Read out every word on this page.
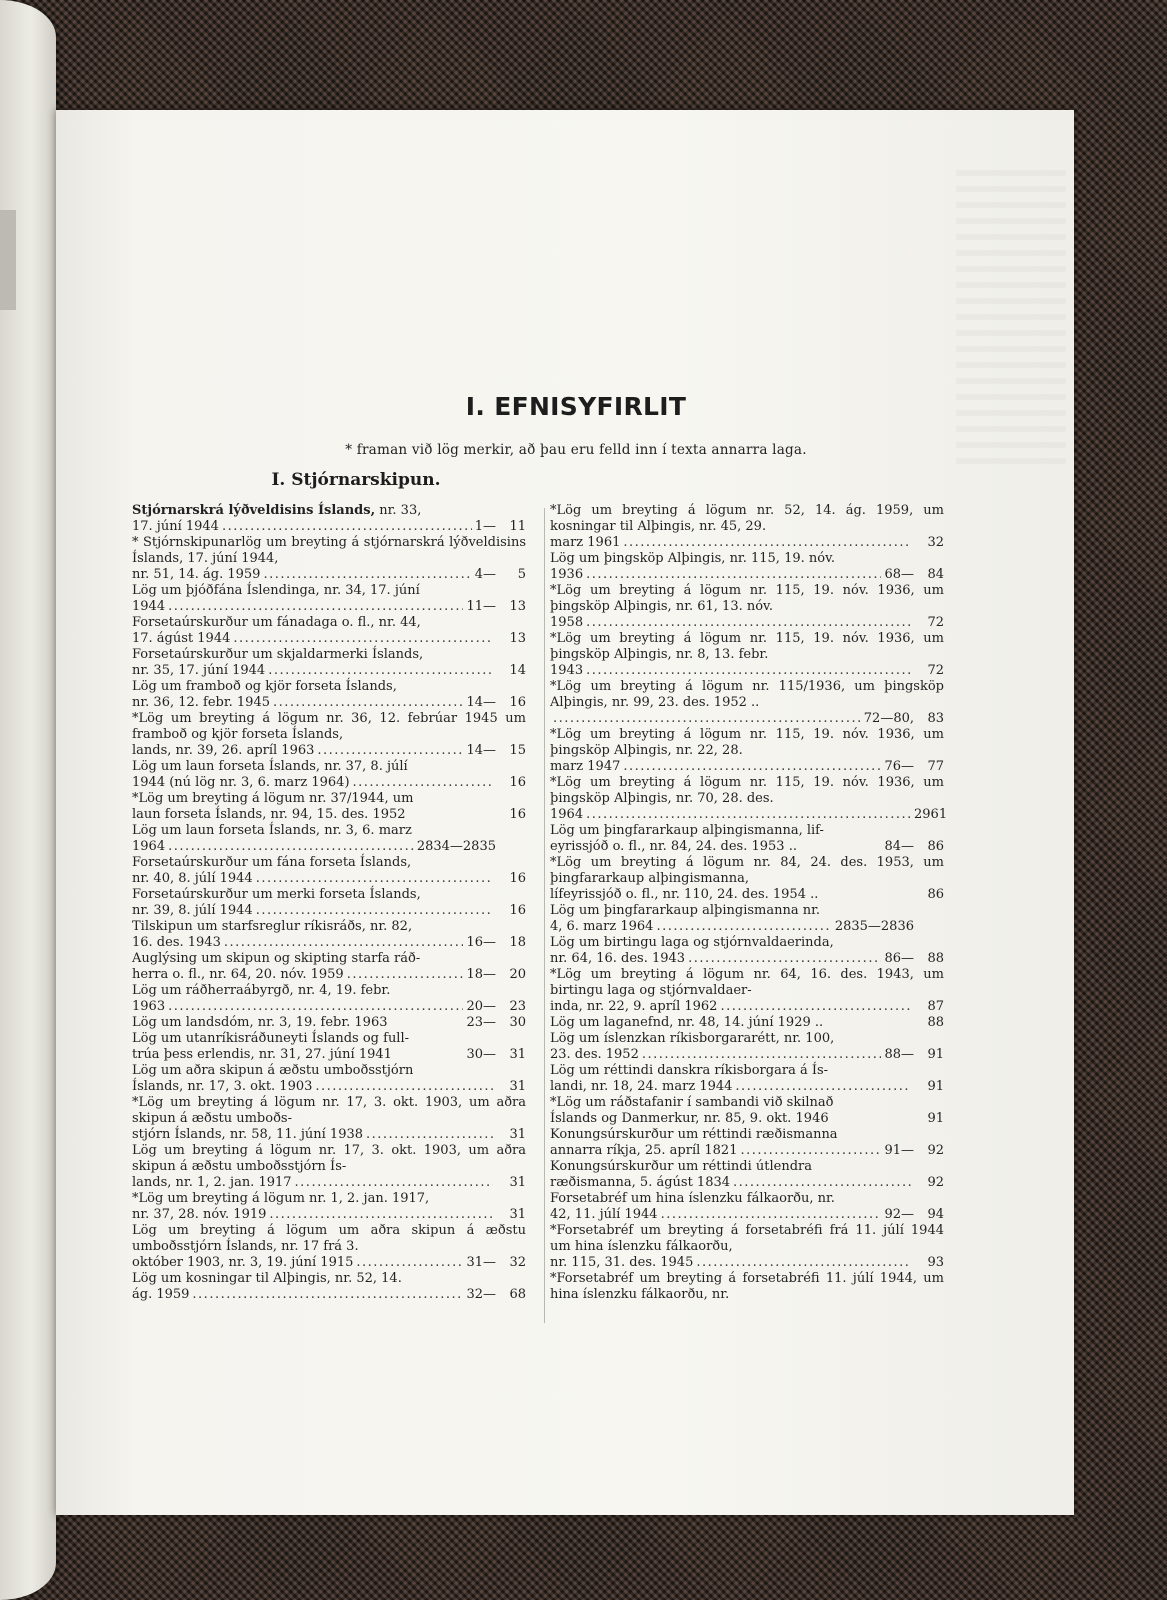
I. EFNISYFIRLIT
* framan við lög merkir, að þau eru felld inn í texta annarra laga.
I. Stjórnarskipun.
Stjórnarskrá lýðveldisins Íslands, nr. 33,
17. júní 1944 .....	1—	11
* Stjórnskipunarlög um breyting á stjórnarskrá lýðveldisins Íslands, 17. júní 1944,
nr. 51, 14. ág. 1959 .....	4—	5
Lög um þjóðfána Íslendinga, nr. 34, 17. júní
1944 .....	11—	13
Forsetaúrskurður um fánadaga o. fl., nr. 44,
17. ágúst 1944 .....	13
Forsetaúrskurður um skjaldarmerki Íslands,
nr. 35, 17. júní 1944 .....	14
Lög um framboð og kjör forseta Íslands,
nr. 36, 12. febr. 1945 .....	14—	16
*Lög um breyting á lögum nr. 36, 12. febrúar 1945 um framboð og kjör forseta Íslands,
lands, nr. 39, 26. apríl 1963 .....	14—	15
Lög um laun forseta Íslands, nr. 37, 8. júlí
1944 (nú lög nr. 3, 6. marz 1964) .....	16
*Lög um breyting á lögum nr. 37/1944, um
laun forseta Íslands, nr. 94, 15. des. 1952	16
Lög um laun forseta Íslands, nr. 3, 6. marz
1964 .....	2834—2835
Forsetaúrskurður um fána forseta Íslands,
nr. 40, 8. júlí 1944 .....	16
Forsetaúrskurður um merki forseta Íslands,
nr. 39, 8. júlí 1944 .....	16
Tilskipun um starfsreglur ríkisráðs, nr. 82,
16. des. 1943 .....	16—	18
Auglýsing um skipun og skipting starfa ráð-
herra o. fl., nr. 64, 20. nóv. 1959 .....	18—	20
Lög um ráðherraábyrgð, nr. 4, 19. febr.
1963 .....	20—	23
Lög um landsdóm, nr. 3, 19. febr. 1963	23—	30
Lög um utanríkisráðuneyti Íslands og full-
trúa þess erlendis, nr. 31, 27. júní 1941	30—	31
Lög um aðra skipun á æðstu umboðsstjórn
Íslands, nr. 17, 3. okt. 1903 .....	31
*Lög um breyting á lögum nr. 17, 3. okt. 1903, um aðra skipun á æðstu umboðs-
stjórn Íslands, nr. 58, 11. júní 1938 .....	31
Lög um breyting á lögum nr. 17, 3. okt. 1903, um aðra skipun á æðstu umboðsstjórn Ís-
lands, nr. 1, 2. jan. 1917 .....	31
*Lög um breyting á lögum nr. 1, 2. jan. 1917,
nr. 37, 28. nóv. 1919 .....	31
Lög um breyting á lögum um aðra skipun á æðstu umboðsstjórn Íslands, nr. 17 frá 3.
október 1903, nr. 3, 19. júní 1915 .....	31—	32
Lög um kosningar til Alþingis, nr. 52, 14.
ág. 1959 .....	32—	68
*Lög um breyting á lögum nr. 52, 14. ág. 1959, um kosningar til Alþingis, nr. 45, 29.
marz 1961 .....	32
Lög um þingsköp Alþingis, nr. 115, 19. nóv.
1936 .....	68—	84
*Lög um breyting á lögum nr. 115, 19. nóv. 1936, um þingsköp Alþingis, nr. 61, 13. nóv.
1958 .....	72
*Lög um breyting á lögum nr. 115, 19. nóv. 1936, um þingsköp Alþingis, nr. 8, 13. febr.
1943 .....	72
*Lög um breyting á lögum nr. 115/1936, um þingsköp Alþingis, nr. 99, 23. des. 1952 ..
.....
72—80,	83
*Lög um breyting á lögum nr. 115, 19. nóv. 1936, um þingsköp Alþingis, nr. 22, 28.
marz 1947 .....	76—	77
*Lög um breyting á lögum nr. 115, 19. nóv. 1936, um þingsköp Alþingis, nr. 70, 28. des.
1964 .....	2961
Lög um þingfararkaup alþingismanna, lif-
eyrissjóð o. fl., nr. 84, 24. des. 1953 ..	84—	86
*Lög um breyting á lögum nr. 84, 24. des. 1953, um þingfararkaup alþingismanna,
lífeyrissjóð o. fl., nr. 110, 24. des. 1954 ..	86
Lög um þingfararkaup alþingismanna nr.
4, 6. marz 1964 .....	2835—2836
Lög um birtingu laga og stjórnvaldaerinda,
nr. 64, 16. des. 1943 .....	86—	88
*Lög um breyting á lögum nr. 64, 16. des. 1943, um birtingu laga og stjórnvaldaer-
inda, nr. 22, 9. apríl 1962 .....	87
Lög um laganefnd, nr. 48, 14. júní 1929 ..	88
Lög um íslenzkan ríkisborgararétt, nr. 100,
23. des. 1952 .....	88—	91
Lög um réttindi danskra ríkisborgara á Ís-
landi, nr. 18, 24. marz 1944 .....	91
*Lög um ráðstafanir í sambandi við skilnað
Íslands og Danmerkur, nr. 85, 9. okt. 1946	91
Konungsúrskurður um réttindi ræðismanna
annarra ríkja, 25. apríl 1821 .....	91—	92
Konungsúrskurður um réttindi útlendra
ræðismanna, 5. ágúst 1834 .....	92
Forsetabréf um hina íslenzku fálkaorðu, nr.
42, 11. júlí 1944 .....	92—	94
*Forsetabréf um breyting á forsetabréfi frá 11. júlí 1944 um hina íslenzku fálkaorðu,
nr. 115, 31. des. 1945 .....	93
*Forsetabréf um breyting á forsetabréfi 11. júlí 1944, um hina íslenzku fálkaorðu, nr.
